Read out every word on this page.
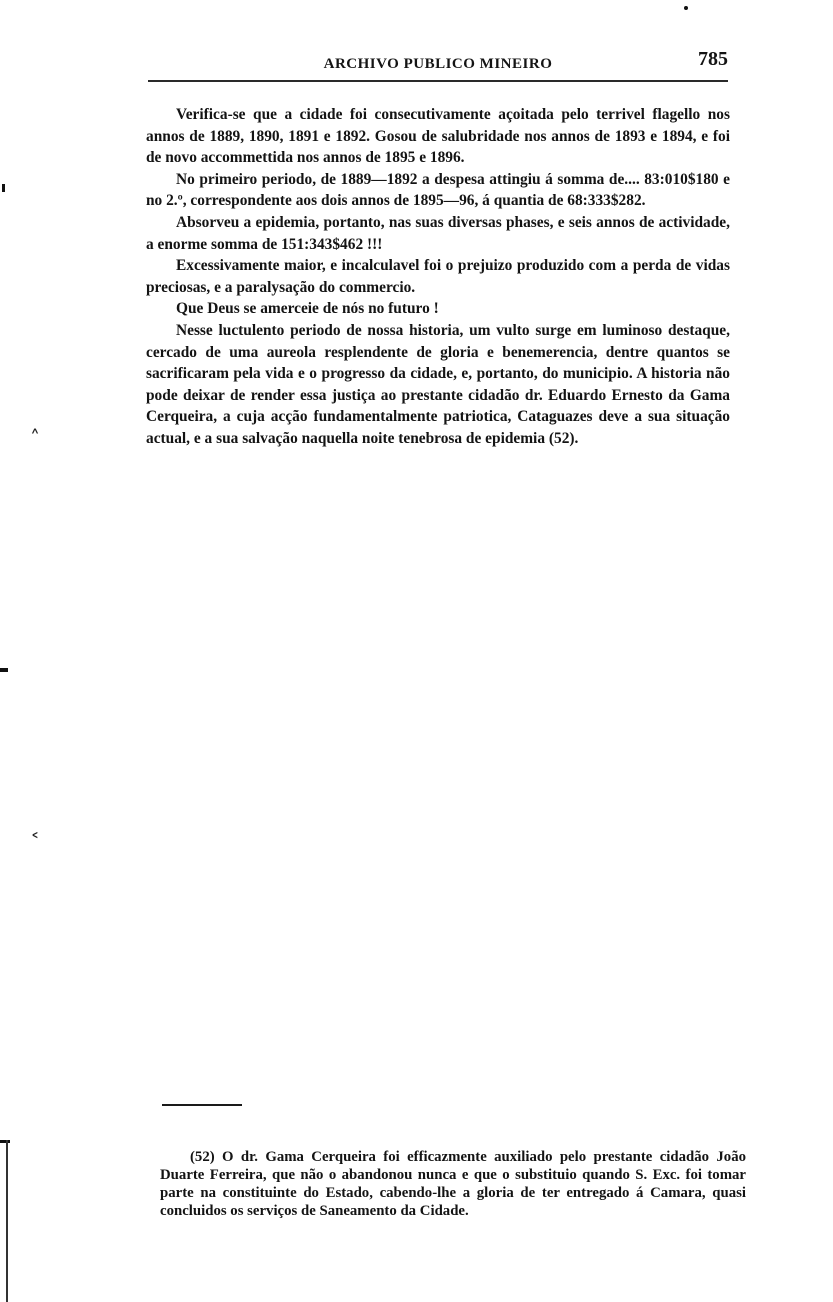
ARCHIVO PUBLICO MINEIRO	785

Verifica-se que a cidade foi consecutivamente açoitada pelo terrivel flagello nos annos de 1889, 1890, 1891 e 1892. Gosou de salubridade nos annos de 1893 e 1894, e foi de novo accommettida nos annos de 1895 e 1896.

No primeiro periodo, de 1889—1892 a despesa attingiu á somma de.... 83:010$180 e no 2.º, correspondente aos dois annos de 1895—96, á quantia de 68:333$282.

Absorveu a epidemia, portanto, nas suas diversas phases, e seis annos de actividade, a enorme somma de 151:343$462 !!!

Excessivamente maior, e incalculavel foi o prejuizo produzido com a perda de vidas preciosas, e a paralysação do commercio.

Que Deus se amerceie de nós no futuro !

Nesse luctulento periodo de nossa historia, um vulto surge em luminoso destaque, cercado de uma aureola resplendente de gloria e benemerencia, dentre quantos se sacrificaram pela vida e o progresso da cidade, e, portanto, do municipio. A historia não pode deixar de render essa justiça ao prestante cidadão dr. Eduardo Ernesto da Gama Cerqueira, a cuja acção fundamentalmente patriotica, Cataguazes deve a sua situação actual, e a sua salvação naquella noite tenebrosa de epidemia (52).

(52) O dr. Gama Cerqueira foi efficazmente auxiliado pelo prestante cidadão João Duarte Ferreira, que não o abandonou nunca e que o substituio quando S. Exc. foi tomar parte na constituinte do Estado, cabendo-lhe a gloria de ter entregado á Camara, quasi concluidos os serviços de Saneamento da Cidade.

˄
˂
